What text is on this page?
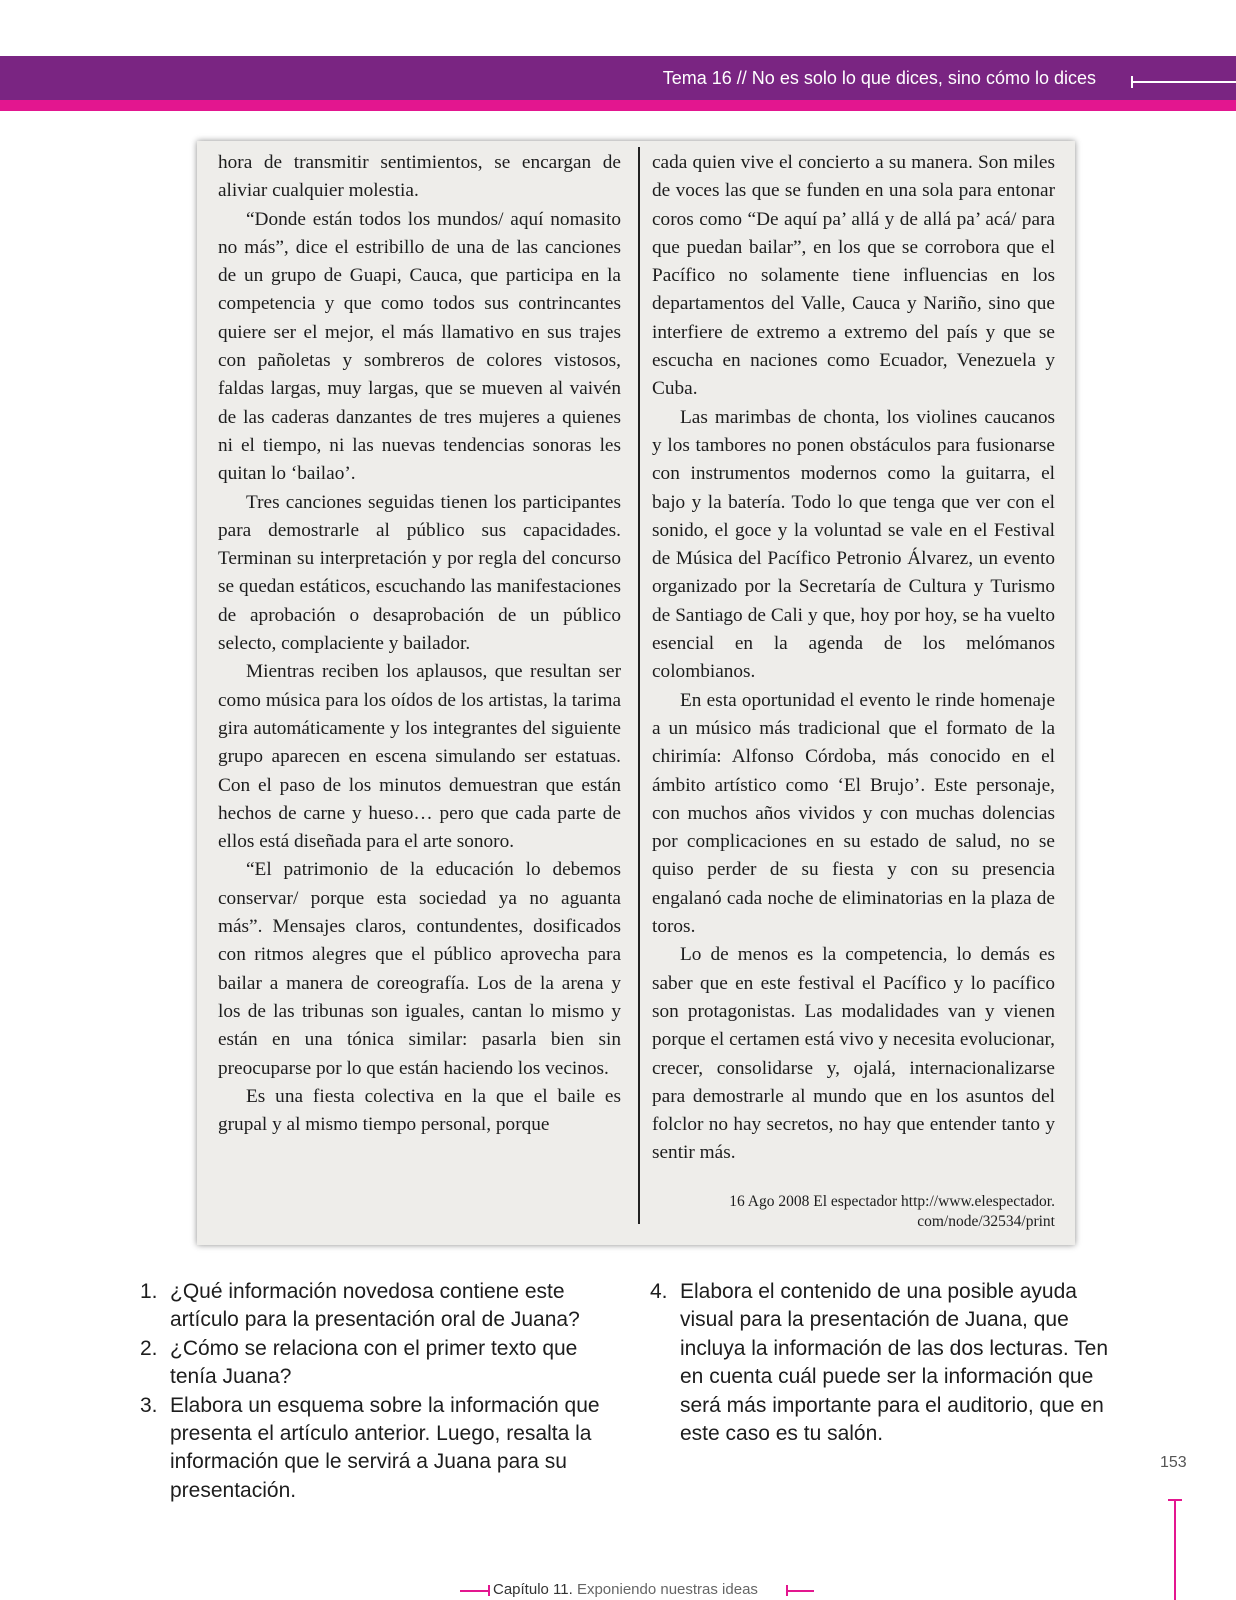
Tema 16 // No es solo lo que dices, sino cómo lo dices

hora de transmitir sentimientos, se encargan de aliviar cualquier molestia.

“Donde están todos los mundos/ aquí nomasito no más”, dice el estribillo de una de las canciones de un grupo de Guapi, Cauca, que participa en la competencia y que como todos sus contrincantes quiere ser el mejor, el más llamativo en sus trajes con pañoletas y sombreros de colores vistosos, faldas largas, muy largas, que se mueven al vaivén de las caderas danzantes de tres mujeres a quienes ni el tiempo, ni las nuevas tendencias sonoras les quitan lo ‘bailao’.

Tres canciones seguidas tienen los participantes para demostrarle al público sus capacidades. Terminan su interpretación y por regla del concurso se quedan estáticos, escuchando las manifestaciones de aprobación o desaprobación de un público selecto, complaciente y bailador.

Mientras reciben los aplausos, que resultan ser como música para los oídos de los artistas, la tarima gira automáticamente y los integrantes del siguiente grupo aparecen en escena simulando ser estatuas. Con el paso de los minutos demuestran que están hechos de carne y hueso… pero que cada parte de ellos está diseñada para el arte sonoro.

“El patrimonio de la educación lo debemos conservar/ porque esta sociedad ya no aguanta más”. Mensajes claros, contundentes, dosificados con ritmos alegres que el público aprovecha para bailar a manera de coreografía. Los de la arena y los de las tribunas son iguales, cantan lo mismo y están en una tónica similar: pasarla bien sin preocuparse por lo que están haciendo los vecinos.

Es una fiesta colectiva en la que el baile es grupal y al mismo tiempo personal, porque

cada quien vive el concierto a su manera. Son miles de voces las que se funden en una sola para entonar coros como “De aquí pa’ allá y de allá pa’ acá/ para que puedan bailar”, en los que se corrobora que el Pacífico no solamente tiene influencias en los departamentos del Valle, Cauca y Nariño, sino que interfiere de extremo a extremo del país y que se escucha en naciones como Ecuador, Venezuela y Cuba.

Las marimbas de chonta, los violines caucanos y los tambores no ponen obstáculos para fusionarse con instrumentos modernos como la guitarra, el bajo y la batería. Todo lo que tenga que ver con el sonido, el goce y la voluntad se vale en el Festival de Música del Pacífico Petronio Álvarez, un evento organizado por la Secretaría de Cultura y Turismo de Santiago de Cali y que, hoy por hoy, se ha vuelto esencial en la agenda de los melómanos colombianos.

En esta oportunidad el evento le rinde homenaje a un músico más tradicional que el formato de la chirimía: Alfonso Córdoba, más conocido en el ámbito artístico como ‘El Brujo’. Este personaje, con muchos años vividos y con muchas dolencias por complicaciones en su estado de salud, no se quiso perder de su fiesta y con su presencia engalanó cada noche de eliminatorias en la plaza de toros.

Lo de menos es la competencia, lo demás es saber que en este festival el Pacífico y lo pacífico son protagonistas. Las modalidades van y vienen porque el certamen está vivo y necesita evolucionar, crecer, consolidarse y, ojalá, internacionalizarse para demostrarle al mundo que en los asuntos del folclor no hay secretos, no hay que entender tanto y sentir más.

16 Ago 2008 El espectador http://www.elespectador.
com/node/32534/print
1. ¿Qué información novedosa contiene este artículo para la presentación oral de Juana?
2. ¿Cómo se relaciona con el primer texto que tenía Juana?
3. Elabora un esquema sobre la información que presenta el artículo anterior. Luego, resalta la información que le servirá a Juana para su presentación.
4. Elabora el contenido de una posible ayuda visual para la presentación de Juana, que incluya la información de las dos lecturas. Ten en cuenta cuál puede ser la información que será más importante para el auditorio, que en este caso es tu salón.
153
Capítulo 11. Exponiendo nuestras ideas
